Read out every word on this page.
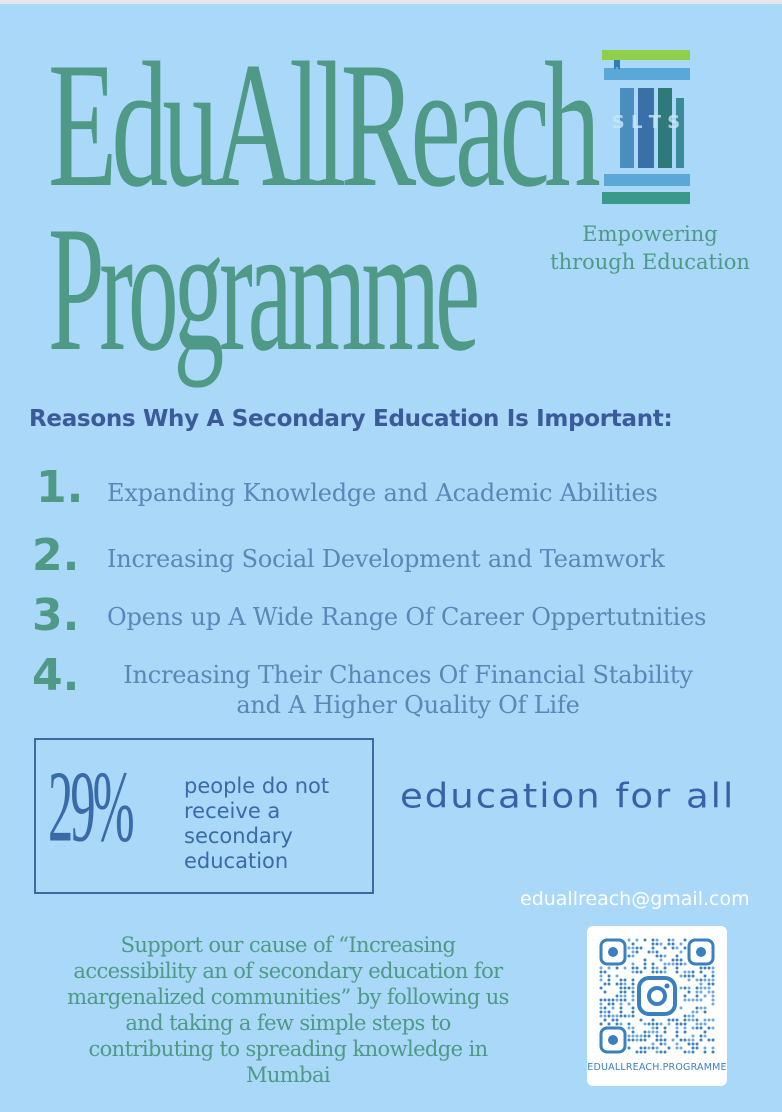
EduAllReach
Programme
S L T S
Empowering
through Education
Reasons Why A Secondary Education Is Important:
1. Expanding Knowledge and Academic Abilities
2. Increasing Social Development and Teamwork
3. Opens up A Wide Range Of Career Oppertutnities
4.	Increasing Their Chances Of Financial Stability
and A Higher Quality Of Life
29% people do not
receive a
secondary
education
education for all
eduallreach@gmail.com
Support our cause of “Increasing
accessibility an of secondary education for
margenalized communities” by following us
and taking a few simple steps to
contributing to spreading knowledge in
Mumbai	EDUALLREACH.PROGRAMME
